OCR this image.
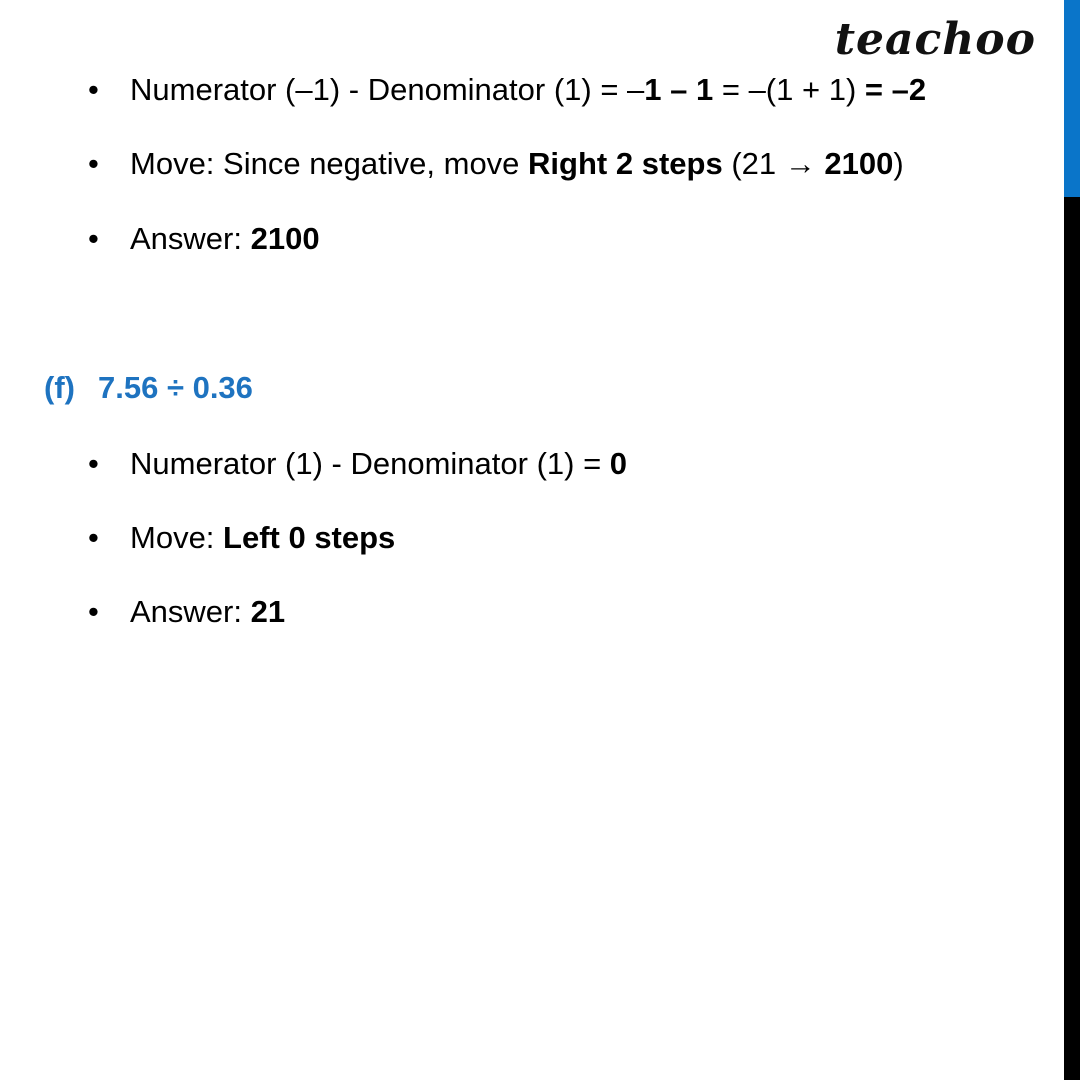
teachoo
• Numerator (–1) - Denominator (1) = –1 – 1 = –(1 + 1) = –2
• Move: Since negative, move Right 2 steps (21 → 2100)
• Answer: 2100
(f) 7.56 ÷ 0.36
• Numerator (1) - Denominator (1) = 0
• Move: Left 0 steps
• Answer: 21
